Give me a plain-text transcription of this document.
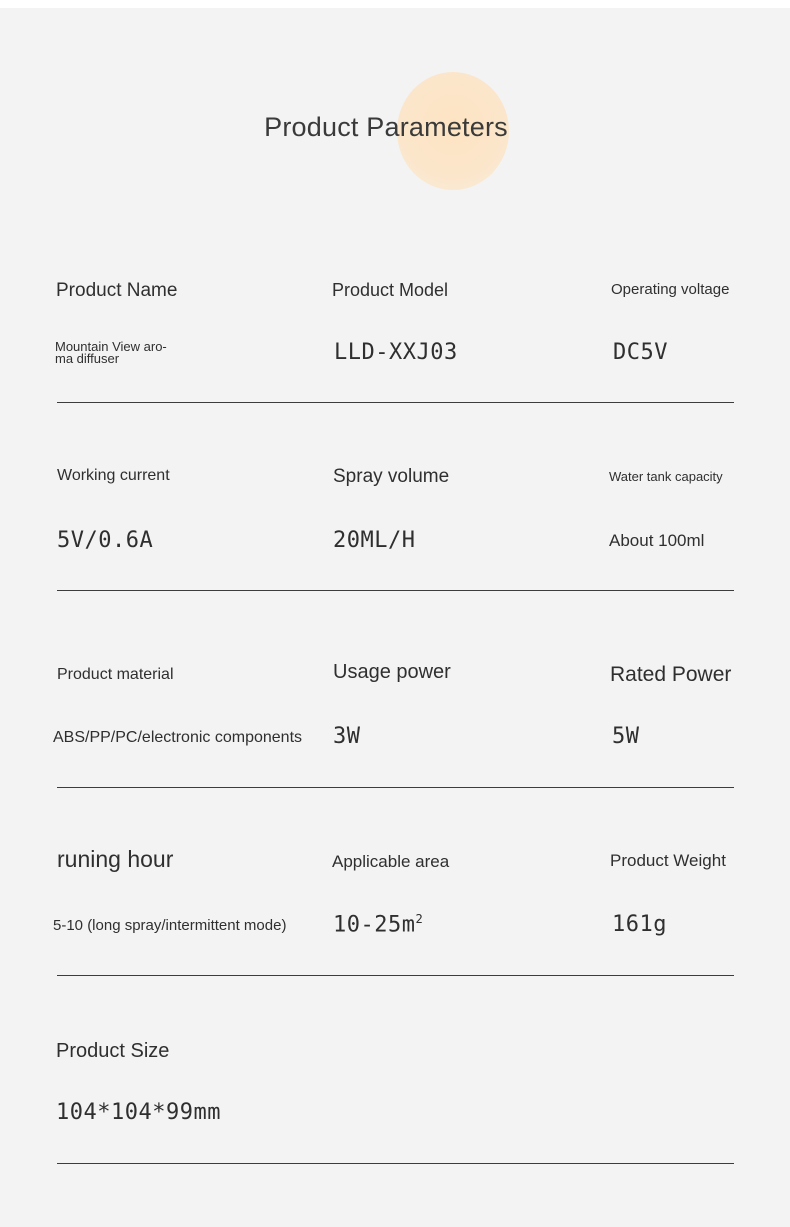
Product Parameters
Product Name
Mountain View aro-
ma diffuser
Product Model
LLD-XXJ03
Operating voltage
DC5V
Working current
5V/0.6A
Spray volume
20ML/H
Water tank capacity
About 100ml
Product material
ABS/PP/PC/electronic components
Usage power
3W
Rated Power
5W
runing hour
5-10 (long spray/intermittent mode)
Applicable area
$10-25m^2$
Product Weight
161g
Product Size
104*104*99mm
